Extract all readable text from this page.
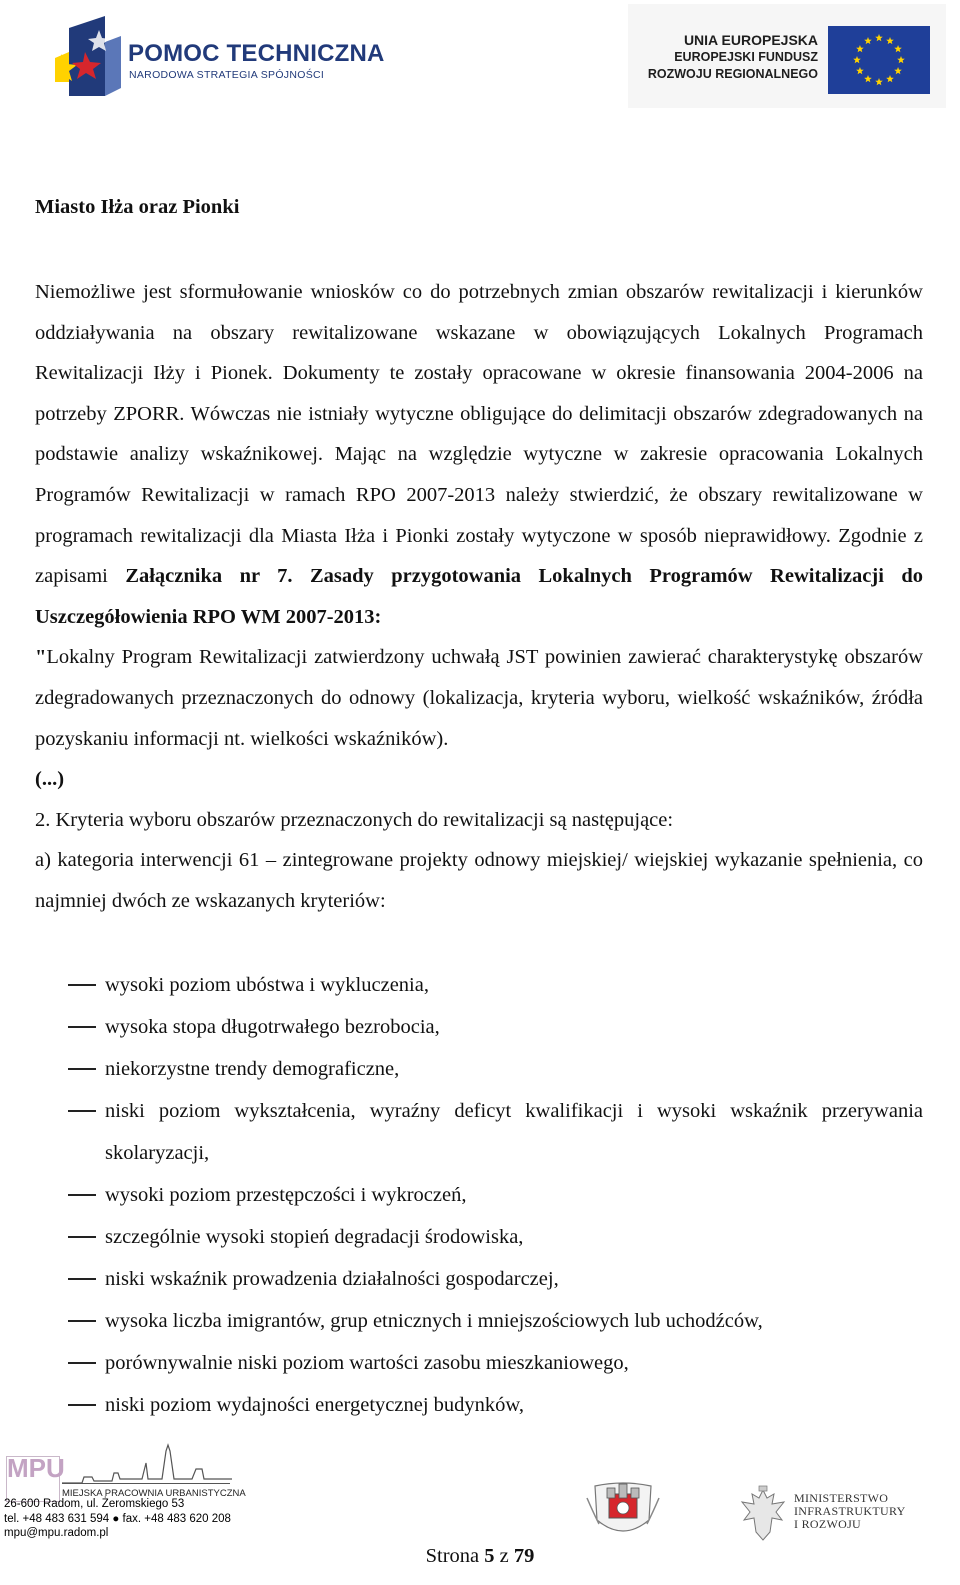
POMOC TECHNICZNA
NARODOWA STRATEGIA SPÓJNOŚCI
UNIA EUROPEJSKA
EUROPEJSKI FUNDUSZ
ROZWOJU REGIONALNEGO
Miasto Iłża oraz Pionki

Niemożliwe jest sformułowanie wniosków co do potrzebnych zmian obszarów rewitalizacji i kierunków oddziaływania na obszary rewitalizowane wskazane w obowiązujących Lokalnych Programach Rewitalizacji Iłży i Pionek. Dokumenty te zostały opracowane w okresie finansowania 2004-2006 na potrzeby ZPORR. Wówczas nie istniały wytyczne obligujące do delimitacji obszarów zdegradowanych na podstawie analizy wskaźnikowej. Mając na względzie wytyczne w zakresie opracowania Lokalnych Programów Rewitalizacji w ramach RPO 2007-2013 należy stwierdzić, że obszary rewitalizowane w programach rewitalizacji dla Miasta Iłża i Pionki zostały wytyczone w sposób nieprawidłowy. Zgodnie z zapisami Załącznika nr 7. Zasady przygotowania Lokalnych Programów Rewitalizacji do Uszczegółowienia RPO WM 2007-2013:

"Lokalny Program Rewitalizacji zatwierdzony uchwałą JST powinien zawierać charakterystykę obszarów zdegradowanych przeznaczonych do odnowy (lokalizacja, kryteria wyboru, wielkość wskaźników, źródła pozyskaniu informacji nt. wielkości wskaźników).

(...)

2. Kryteria wyboru obszarów przeznaczonych do rewitalizacji są następujące:

a) kategoria interwencji 61 – zintegrowane projekty odnowy miejskiej/ wiejskiej wykazanie spełnienia, co najmniej dwóch ze wskazanych kryteriów:

wysoki poziom ubóstwa i wykluczenia,
wysoka stopa długotrwałego bezrobocia,
niekorzystne trendy demograficzne,
niski poziom wykształcenia, wyraźny deficyt kwalifikacji i wysoki wskaźnik przerywania skolaryzacji,
wysoki poziom przestępczości i wykroczeń,
szczególnie wysoki stopień degradacji środowiska,
niski wskaźnik prowadzenia działalności gospodarczej,
wysoka liczba imigrantów, grup etnicznych i mniejszościowych lub uchodźców,
porównywalnie niski poziom wartości zasobu mieszkaniowego,
niski poziom wydajności energetycznej budynków,
MPU
MIEJSKA PRACOWNIA URBANISTYCZNA
26-600 Radom, ul. Żeromskiego 53
tel. +48 483 631 594 ● fax. +48 483 620 208
mpu@mpu.radom.pl
Strona 5 z 79
MINISTERSTWO
INFRASTRUKTURY
I ROZWOJU
